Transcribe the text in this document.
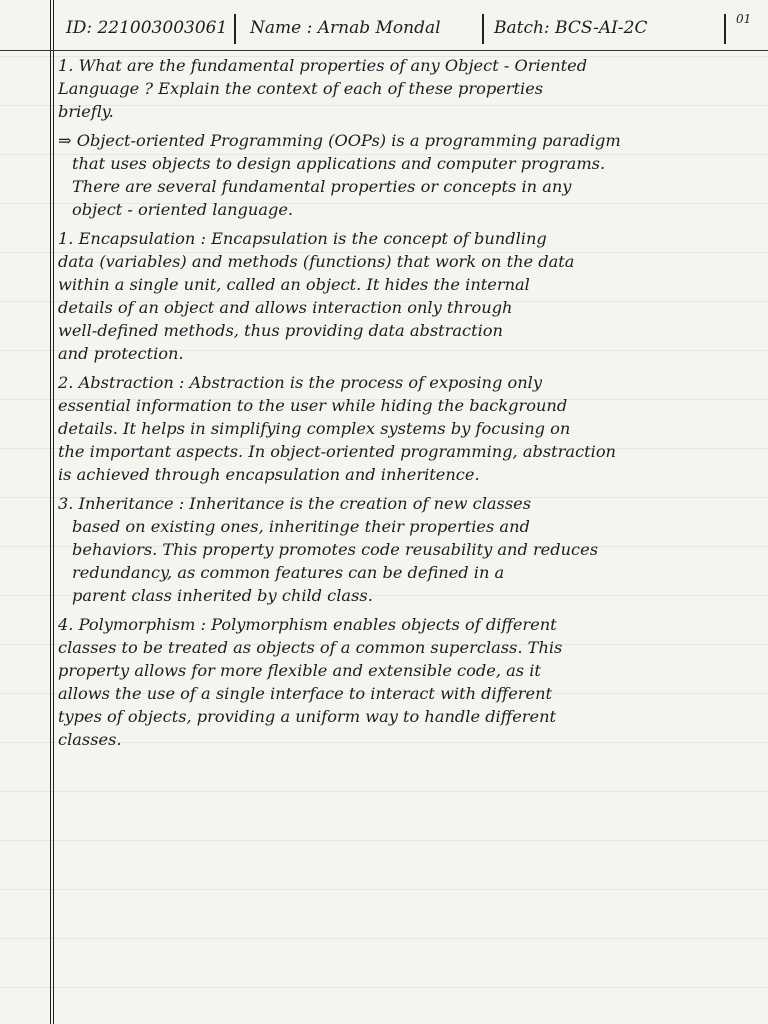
ID: 221003003061 Name : Arnab Mondal	Batch: BCS-AI-2C	01
1. What are the fundamental properties of any Object - Oriented
Language ? Explain the context of each of these properties
briefly.
⇒ Object-oriented Programming (OOPs) is a programming paradigm
that uses objects to design applications and computer programs.
There are several fundamental properties or concepts in any
object - oriented language.
1. Encapsulation : Encapsulation is the concept of bundling
data (variables) and methods (functions) that work on the data
within a single unit, called an object. It hides the internal
details of an object and allows interaction only through
well-defined methods, thus providing data abstraction
and protection.
2. Abstraction : Abstraction is the process of exposing only
essential information to the user while hiding the background
details. It helps in simplifying complex systems by focusing on
the important aspects. In object-oriented programming, abstraction
is achieved through encapsulation and inheritence.
3. Inheritance : Inheritance is the creation of new classes
based on existing ones, inheritinge their properties and
behaviors. This property promotes code reusability and reduces
redundancy, as common features can be defined in a
parent class inherited by child class.
4. Polymorphism : Polymorphism enables objects of different
classes to be treated as objects of a common superclass. This
property allows for more flexible and extensible code, as it
allows the use of a single interface to interact with different
types of objects, providing a uniform way to handle different
classes.
